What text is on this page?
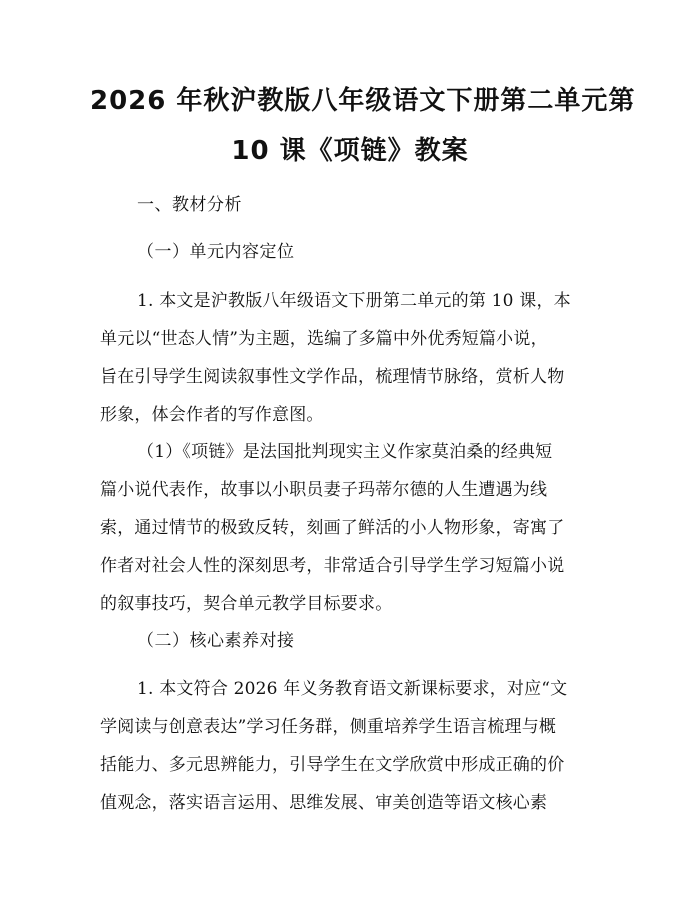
2026 年秋沪教版八年级语文下册第二单元第
10 课《项链》教案
一、教材分析
（一）单元内容定位
1. 本文是沪教版八年级语文下册第二单元的第 10 课，本
单元以“世态人情”为主题，选编了多篇中外优秀短篇小说，
旨在引导学生阅读叙事性文学作品，梳理情节脉络，赏析人物
形象，体会作者的写作意图。
（1）《项链》是法国批判现实主义作家莫泊桑的经典短
篇小说代表作，故事以小职员妻子玛蒂尔德的人生遭遇为线
索，通过情节的极致反转，刻画了鲜活的小人物形象，寄寓了
作者对社会人性的深刻思考，非常适合引导学生学习短篇小说
的叙事技巧，契合单元教学目标要求。
（二）核心素养对接
1. 本文符合 2026 年义务教育语文新课标要求，对应“文
学阅读与创意表达”学习任务群，侧重培养学生语言梳理与概
括能力、多元思辨能力，引导学生在文学欣赏中形成正确的价
值观念，落实语言运用、思维发展、审美创造等语文核心素
